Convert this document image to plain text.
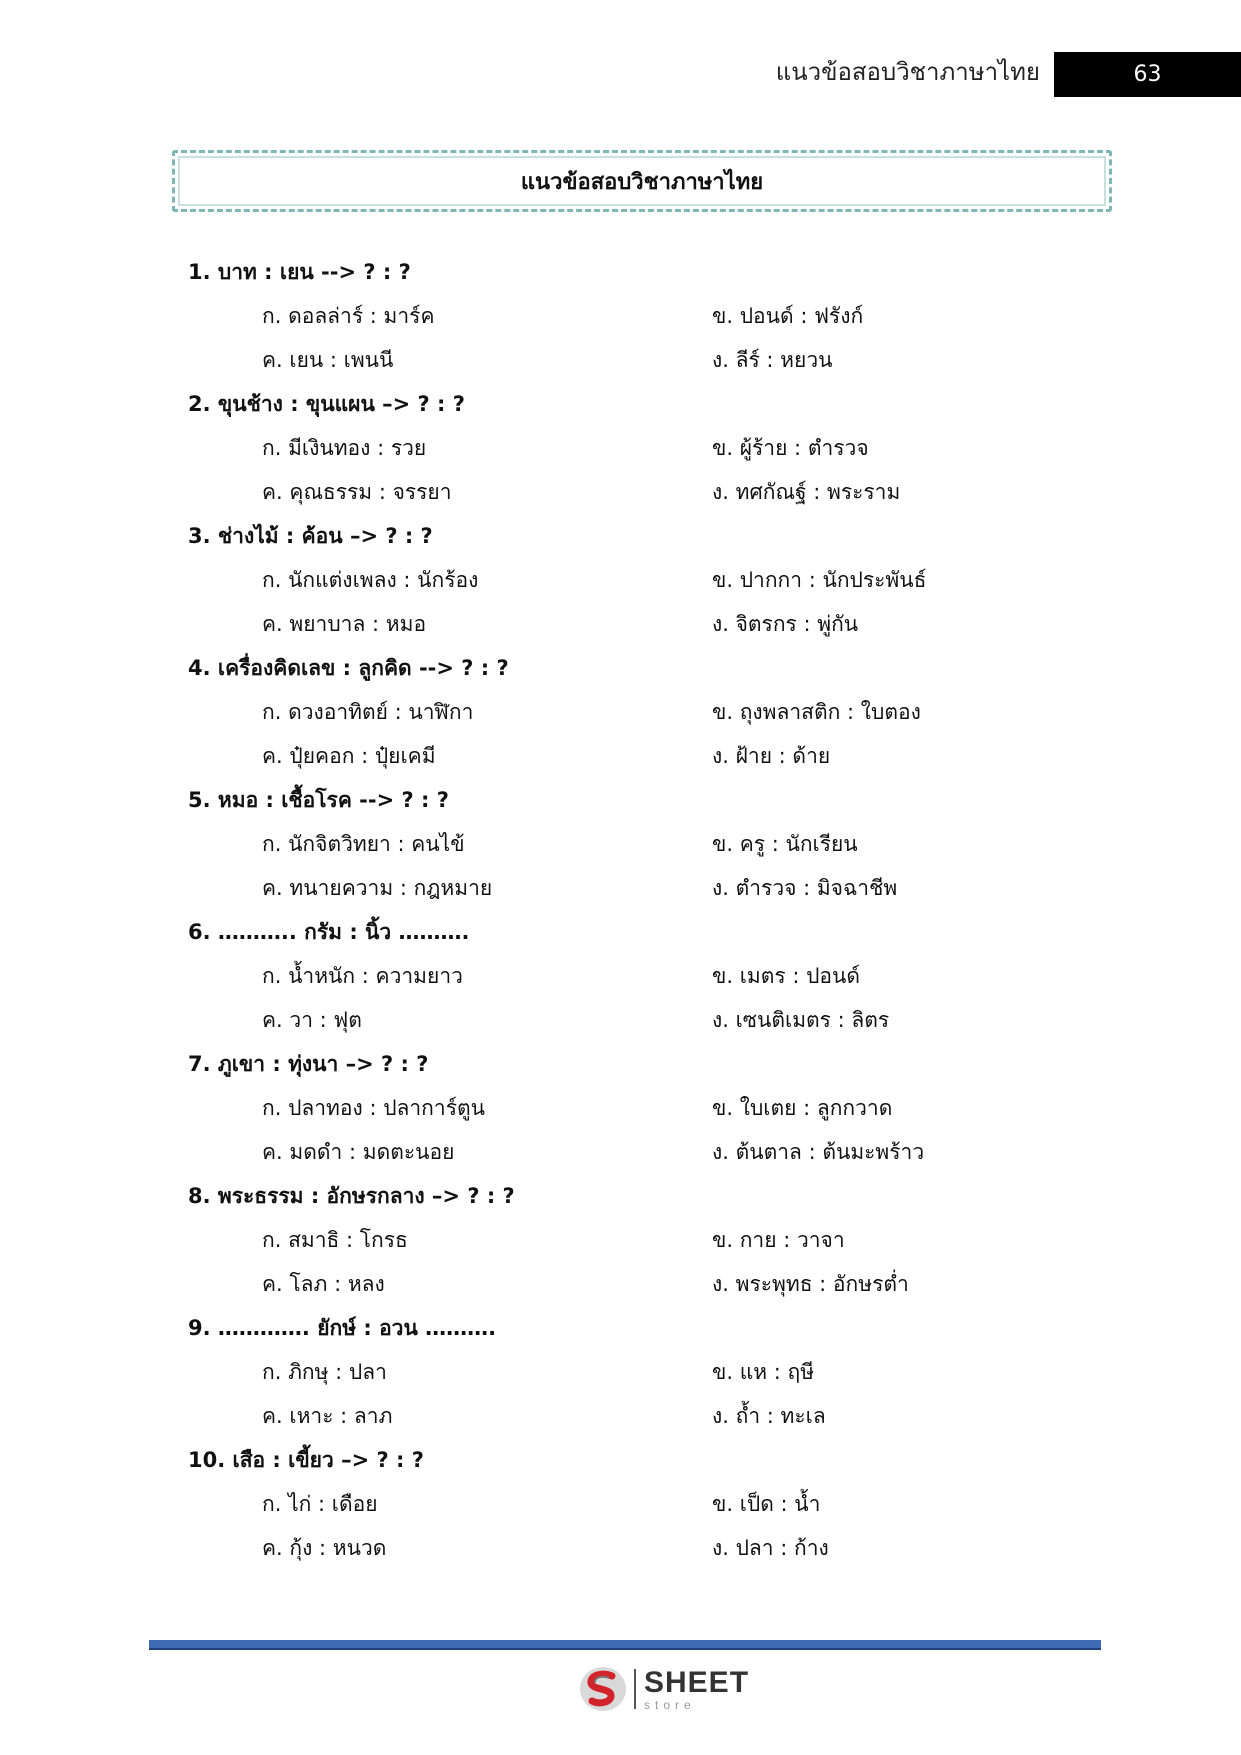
แนวข้อสอบวิชาภาษาไทย	63
แนวข้อสอบวิชาภาษาไทย
1. บาท : เยน --> ? : ?
ก. ดอลล่าร์ : มาร์ค	ข. ปอนด์ : ฟรังก์
ค. เยน : เพนนี	ง. ลีร์ : หยวน
2. ขุนช้าง : ขุนแผน –> ? : ?
ก. มีเงินทอง : รวย	ข. ผู้ร้าย : ตำรวจ
ค. คุณธรรม : จรรยา	ง. ทศกัณฐ์ : พระราม
3. ช่างไม้ : ค้อน –> ? : ?
ก. นักแต่งเพลง : นักร้อง	ข. ปากกา : นักประพันธ์
ค. พยาบาล : หมอ	ง. จิตรกร : พู่กัน
4. เครื่องคิดเลข : ลูกคิด --> ? : ?
ก. ดวงอาทิตย์ : นาฬิกา	ข. ถุงพลาสติก : ใบตอง
ค. ปุ๋ยคอก : ปุ๋ยเคมี	ง. ฝ้าย : ด้าย
5. หมอ : เชื้อโรค --> ? : ?
ก. นักจิตวิทยา : คนไข้	ข. ครู : นักเรียน
ค. ทนายความ : กฎหมาย	ง. ตำรวจ : มิจฉาชีพ
6. ……….. กรัม : นิ้ว ……….
ก. น้ำหนัก : ความยาว	ข. เมตร : ปอนด์
ค. วา : ฟุต	ง. เซนติเมตร : ลิตร
7. ภูเขา : ทุ่งนา –> ? : ?
ก. ปลาทอง : ปลาการ์ตูน	ข. ใบเตย : ลูกกวาด
ค. มดดำ : มดตะนอย	ง. ต้นตาล : ต้นมะพร้าว
8. พระธรรม : อักษรกลาง –> ? : ?
ก. สมาธิ : โกรธ	ข. กาย : วาจา
ค. โลภ : หลง	ง. พระพุทธ : อักษรต่ำ
9. …………. ยักษ์ : อวน ……….
ก. ภิกษุ : ปลา	ข. แห : ฤษี
ค. เหาะ : ลาภ	ง. ถ้ำ : ทะเล
10. เสือ : เขี้ยว –> ? : ?
ก. ไก่ : เดือย	ข. เป็ด : น้ำ
ค. กุ้ง : หนวด	ง. ปลา : ก้าง
SHEET
store
